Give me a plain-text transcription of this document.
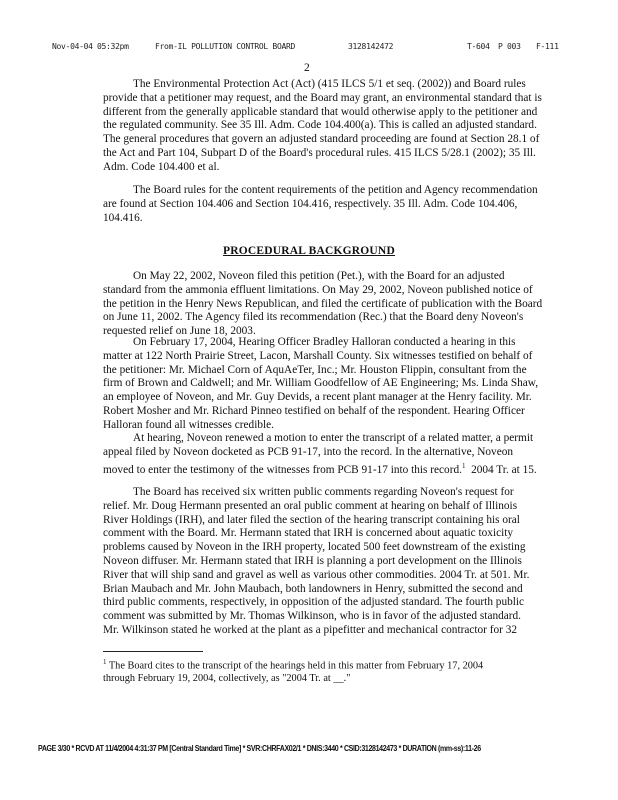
Nov-04-04 05:32pm	From-IL POLLUTION CONTROL BOARD	3128142472	T-604 P 003 F-111
2
The Environmental Protection Act (Act) (415 ILCS 5/1 et seq. (2002)) and Board rules
provide that a petitioner may request, and the Board may grant, an environmental standard that is
different from the generally applicable standard that would otherwise apply to the petitioner and
the regulated community. See 35 Ill. Adm. Code 104.400(a). This is called an adjusted standard.
The general procedures that govern an adjusted standard proceeding are found at Section 28.1 of
the Act and Part 104, Subpart D of the Board's procedural rules. 415 ILCS 5/28.1 (2002); 35 Ill.
Adm. Code 104.400 et al.
The Board rules for the content requirements of the petition and Agency recommendation
are found at Section 104.406 and Section 104.416, respectively. 35 Ill. Adm. Code 104.406,
104.416.
PROCEDURAL BACKGROUND
On May 22, 2002, Noveon filed this petition (Pet.), with the Board for an adjusted
standard from the ammonia effluent limitations. On May 29, 2002, Noveon published notice of
the petition in the Henry News Republican, and filed the certificate of publication with the Board
on June 11, 2002. The Agency filed its recommendation (Rec.) that the Board deny Noveon's
requested relief on June 18, 2003.
On February 17, 2004, Hearing Officer Bradley Halloran conducted a hearing in this
matter at 122 North Prairie Street, Lacon, Marshall County. Six witnesses testified on behalf of
the petitioner: Mr. Michael Corn of AquAeTer, Inc.; Mr. Houston Flippin, consultant from the
firm of Brown and Caldwell; and Mr. William Goodfellow of AE Engineering; Ms. Linda Shaw,
an employee of Noveon, and Mr. Guy Devids, a recent plant manager at the Henry facility. Mr.
Robert Mosher and Mr. Richard Pinneo testified on behalf of the respondent. Hearing Officer
Halloran found all witnesses credible.
At hearing, Noveon renewed a motion to enter the transcript of a related matter, a permit
appeal filed by Noveon docketed as PCB 91-17, into the record. In the alternative, Noveon
moved to enter the testimony of the witnesses from PCB 91-17 into this record.$^1$ 2004 Tr. at 15.
The Board has received six written public comments regarding Noveon's request for
relief. Mr. Doug Hermann presented an oral public comment at hearing on behalf of Illinois
River Holdings (IRH), and later filed the section of the hearing transcript containing his oral
comment with the Board. Mr. Hermann stated that IRH is concerned about aquatic toxicity
problems caused by Noveon in the IRH property, located 500 feet downstream of the existing
Noveon diffuser. Mr. Hermann stated that IRH is planning a port development on the Illinois
River that will ship sand and gravel as well as various other commodities. 2004 Tr. at 501. Mr.
Brian Maubach and Mr. John Maubach, both landowners in Henry, submitted the second and
third public comments, respectively, in opposition of the adjusted standard. The fourth public
comment was submitted by Mr. Thomas Wilkinson, who is in favor of the adjusted standard.
Mr. Wilkinson stated he worked at the plant as a pipefitter and mechanical contractor for 32
$^1$ The Board cites to the transcript of the hearings held in this matter from February 17, 2004
through February 19, 2004, collectively, as "2004 Tr. at __."
PAGE 3/30 * RCVD AT 11/4/2004 4:31:37 PM [Central Standard Time] * SVR:CHRFAX02/1 * DNIS:3440 * CSID:3128142473 * DURATION (mm-ss):11-26
